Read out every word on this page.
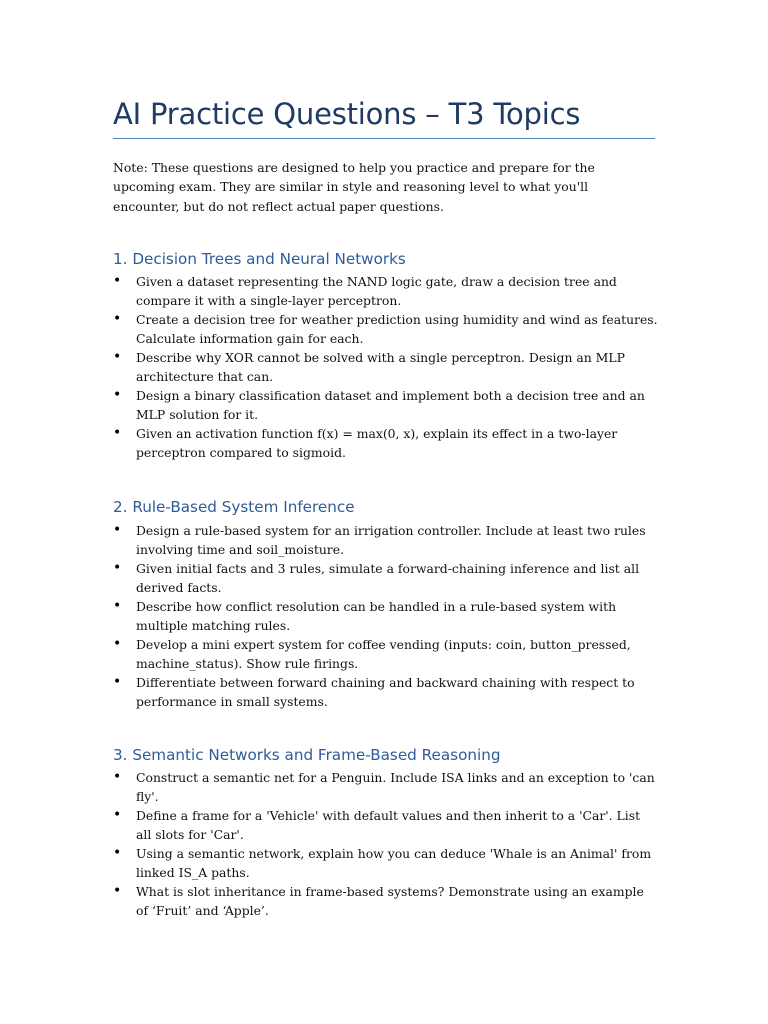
AI Practice Questions – T3 Topics

Note: These questions are designed to help you practice and prepare for the upcoming exam. They are similar in style and reasoning level to what you'll encounter, but do not reflect actual paper questions.

1. Decision Trees and Neural Networks
•	Given a dataset representing the NAND logic gate, draw a decision tree and compare it with a single-layer perceptron.
•	Create a decision tree for weather prediction using humidity and wind as features. Calculate information gain for each.
•	Describe why XOR cannot be solved with a single perceptron. Design an MLP architecture that can.
•	Design a binary classification dataset and implement both a decision tree and an MLP solution for it.
•	Given an activation function f(x) = max(0, x), explain its effect in a two-layer perceptron compared to sigmoid.
2. Rule-Based System Inference
•	Design a rule-based system for an irrigation controller. Include at least two rules involving time and soil_moisture.
•	Given initial facts and 3 rules, simulate a forward-chaining inference and list all derived facts.
•	Describe how conflict resolution can be handled in a rule-based system with multiple matching rules.
•	Develop a mini expert system for coffee vending (inputs: coin, button_pressed, machine_status). Show rule firings.
•	Differentiate between forward chaining and backward chaining with respect to performance in small systems.
3. Semantic Networks and Frame-Based Reasoning
•	Construct a semantic net for a Penguin. Include ISA links and an exception to 'can fly'.
•	Define a frame for a 'Vehicle' with default values and then inherit to a 'Car'. List all slots for 'Car'.
•	Using a semantic network, explain how you can deduce 'Whale is an Animal' from linked IS_A paths.
•	What is slot inheritance in frame-based systems? Demonstrate using an example of ‘Fruit’ and ‘Apple’.
